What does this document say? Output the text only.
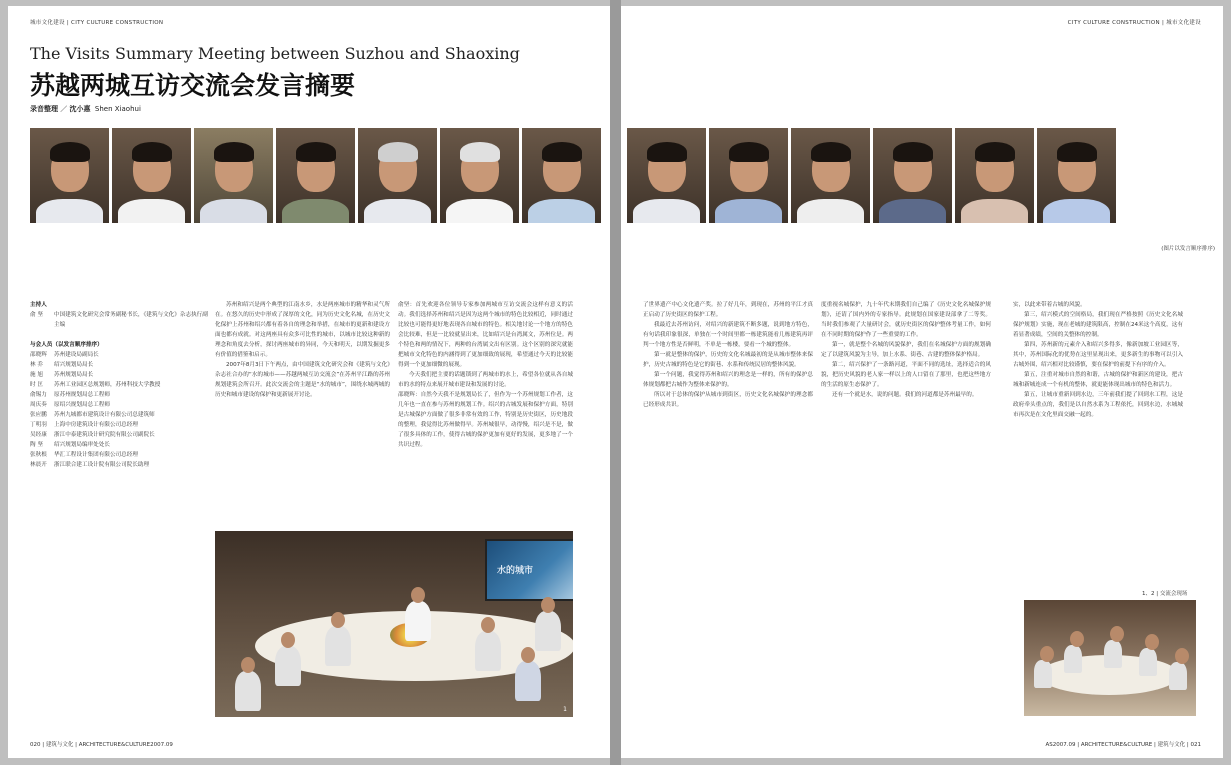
城市文化建设 | CITY CULTURE CONSTRUCTION
The Visits Summary Meeting between Suzhou and Shaoxing
苏越两城互访交流会发言摘要
录音整理 ／ 沈小惠 Shen Xiaohui
主持人
俞 坚	中国建筑文化研究会常务副秘书长，《建筑与文化》杂志执行副主编
与会人员（以发言顺序排序）
邵晓辉	苏州建设局副局长
林 乔	绍兴规划局局长
施 旭	苏州规划局局长
时 匡	苏州工业园区总规划师，苏州科技大学教授
俞锡力	原苏州规划局总工程师
周庆奏	原绍兴规划局总工程师
张应鹏	苏州九城都市建筑设计有限公司总建筑师
丁明羽	上海中房建筑设计有限公司总经理
吴经康	浙江中泰建筑设计研究院有限公司副院长
陶 坚	绍兴规划局编审处处长
张秋根	华汇工程设计集团有限公司总经理
林晨开	浙江联合建工设计院有限公司院长助理

苏州和绍兴是两个典型的江南水乡，水是两座城市的精华和灵气所在。在悠久的历史中形成了深厚的文化，同为历史文化名城，在历史文化保护上苏州和绍兴都有着各自的理念和举措，在城市的更新和建设方面也都有成就。对这两座具有众多可比性的城市，以城市比较这种新的理念和角度去分析，探讨两座城市的异同，今天和明天，以期发掘更多有价值的借鉴和启示。

2007年8月3日下午两点，由中国建筑文化研究会和《建筑与文化》杂志社合办的“水的城市——苏越两城互访交流会”在苏州平江路的苏州规划建筑会所召开。此次交流会的主题是“水的城市”，围绕水城两城的历史和城市建设的保护和更新展开讨论。

俞坚：首先欢迎各位领导专家参加两城市互访交流会这样有意义的活动。我们选择苏州和绍兴是因为这两个城市的特色比较相近，同时通过比较也可能得更好地表现各自城市的特色。相关地讨论一个地方的特色会比较难，但是一比较就显出来，比如绍兴是台湾属文，苏州位是。两个特色和两的情况下，两种的台湾属文出有区别。这个区别的深究就能把城市文化特色的内涵得到了更加细致的展现，希望通过今天的比较能得到一个更加细微的展现。

今天我们把主要的话题锁到了两城市的水上，希望各位就从各自城市的水的特点来展开城市建设和发展的讨论。

邵晓辉：自然今天我不是规划局长了，但作为一个苏州规划工作者，这几年也一直在参与苏州的规划工作。绍兴的古城发展和保护方面，特别是古城保护方面做了很多非常有效的工作，特别是历史街区，历史地段的整理，我觉得比苏州做得早。苏州城很早，动得慢，绍兴是不是，做了很多具体的工作，使得古城的保护更加有更好的发展，更多地了一个共识过程。

水的城市
1
020 | 建筑与文化 | ARCHITECTURE&CULTURE2007.09
CITY CULTURE CONSTRUCTION | 城市文化建设
(图片以发言顺序排序)

了世界遗产中心文化遗产奖。拉了好几年，到现在，苏州的平江才真正启动了历史街区的保护工程。

我最近去苏州访问，对绍兴的新建筑不断多题，说到地方特色，有句话我印象很深，单独在一个时间里都一栋建筑能看几栋建筑再评判一个地方性是否鲜明，不单是一栋楼，要看一个城的整体。

第一就是整体的保护，历史的文化名城最初的是从城市整体来保护，历史古城的特色是它的街巷、水系和传统民居的整体风貌。

第一个问题，我觉得苏州和绍兴的理念是一样的，所有的保护总体规划都把古城作为整体来保护的。

所以对于总体的保护从城市到街区，历史文化名城保护的理念都已经形成共识。

度重视名城保护，九十年代末期我们自己编了《历史文化名城保护规划》，还请了国内外的专家指导。此规划在国家建设部拿了二等奖。当时我们参观了大量研讨会，就历史街区的保护整体考量工作，如何在不同时期的保护作了一些重要的工作。

第一，就是整个名城的风貌保护，我们在名城保护方面的规划确定了以建筑风貌为主导，加上水系、街巷、古建的整体保护格局。

第二，绍兴保护了一条路河道，平面不同的选址，选择适合的风貌，把历史风貌的老人家一样以上的人口留在了那里，也把这些地方的生活的原生态保护了。

还有一个就是水，说的问题。我们的河道都是苏州最早的。

实，以此来带着古城的风貌。

第三，绍兴模式的空间格局，我们现在严格按照《历史文化名城保护规划》实施，现在老城的建筑限高，控制在24米这个高度，这有着显著成绩，空间的关整体的控制。

第四，苏州新的元素介入和绍兴多得多，像新加坡工业园区等，其中，苏州国际化的优势在这里显现出来，更多新生的事物可以引入古城外围，绍兴相对比较谨慎，要在保护的前提下有序的介入。

第五，注重对城市自然的和谐，古城的保护和新区的建设，把古城和新城连成一个有机的整体，就更能体现出城市的特色和活力。

第五，让城市重新回到水边，三年前我们提了回到水工程，这是政府牵头重点的，我们是以自然水系为工程依托，回到水边，水城城市再次是在文化里面交融一起的。

1、2 | 交流会现场
AS2007.09 | ARCHITECTURE&CULTURE | 建筑与文化 | 021
